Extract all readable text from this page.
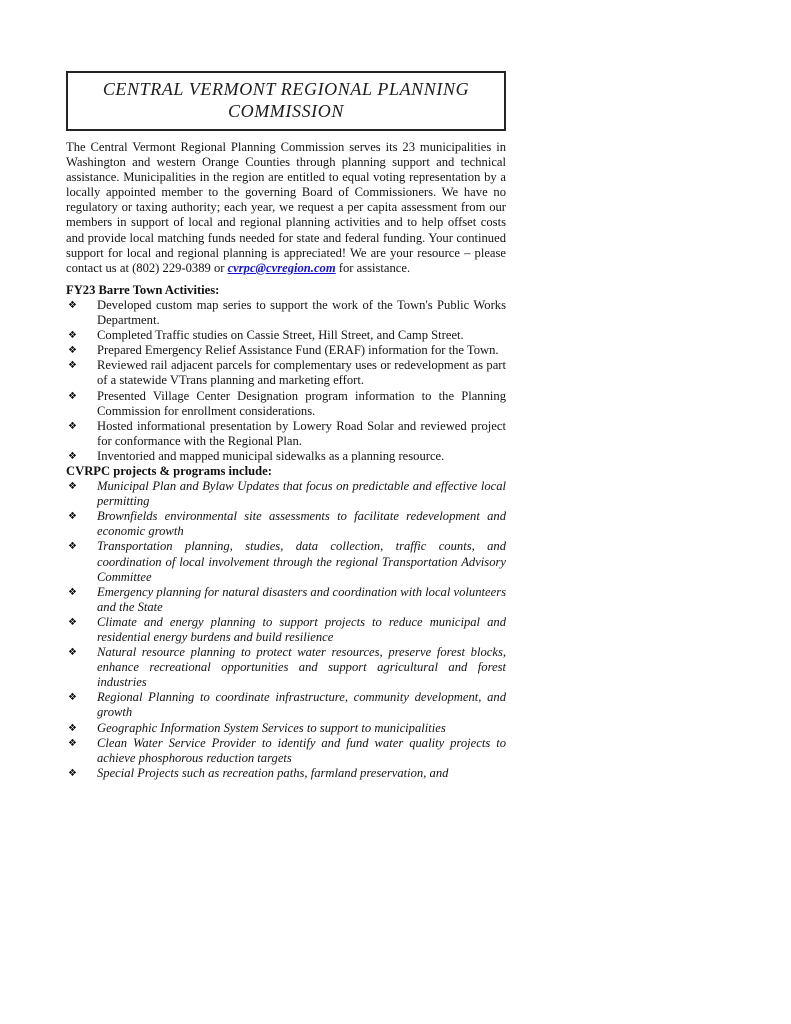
CENTRAL VERMONT REGIONAL PLANNING
COMMISSION

The Central Vermont Regional Planning Commission serves its 23 municipalities in Washington and western Orange Counties through planning support and technical assistance. Municipalities in the region are entitled to equal voting representation by a locally appointed member to the governing Board of Commissioners. We have no regulatory or taxing authority; each year, we request a per capita assessment from our members in support of local and regional planning activities and to help offset costs and provide local matching funds needed for state and federal funding. Your continued support for local and regional planning is appreciated! We are your resource – please contact us at (802) 229-0389 or cvrpc@cvregion.com for assistance.

FY23 Barre Town Activities:
❖	Developed custom map series to support the work of the Town's Public Works Department.
❖	Completed Traffic studies on Cassie Street, Hill Street, and Camp Street.
❖	Prepared Emergency Relief Assistance Fund (ERAF) information for the Town.
❖	Reviewed rail adjacent parcels for complementary uses or redevelopment as part of a statewide VTrans planning and marketing effort.
❖	Presented Village Center Designation program information to the Planning Commission for enrollment considerations.
❖	Hosted informational presentation by Lowery Road Solar and reviewed project for conformance with the Regional Plan.
❖	Inventoried and mapped municipal sidewalks as a planning resource.
CVRPC projects & programs include:
❖	Municipal Plan and Bylaw Updates that focus on predictable and effective local permitting
❖	Brownfields environmental site assessments to facilitate redevelopment and economic growth
❖	Transportation planning, studies, data collection, traffic counts, and coordination of local involvement through the regional Transportation Advisory Committee
❖	Emergency planning for natural disasters and coordination with local volunteers and the State
❖	Climate and energy planning to support projects to reduce municipal and residential energy burdens and build resilience
❖	Natural resource planning to protect water resources, preserve forest blocks, enhance recreational opportunities and support agricultural and forest industries
❖	Regional Planning to coordinate infrastructure, community development, and growth
❖	Geographic Information System Services to support to municipalities
❖	Clean Water Service Provider to identify and fund water quality projects to achieve phosphorous reduction targets
❖	Special Projects such as recreation paths, farmland preservation, and
